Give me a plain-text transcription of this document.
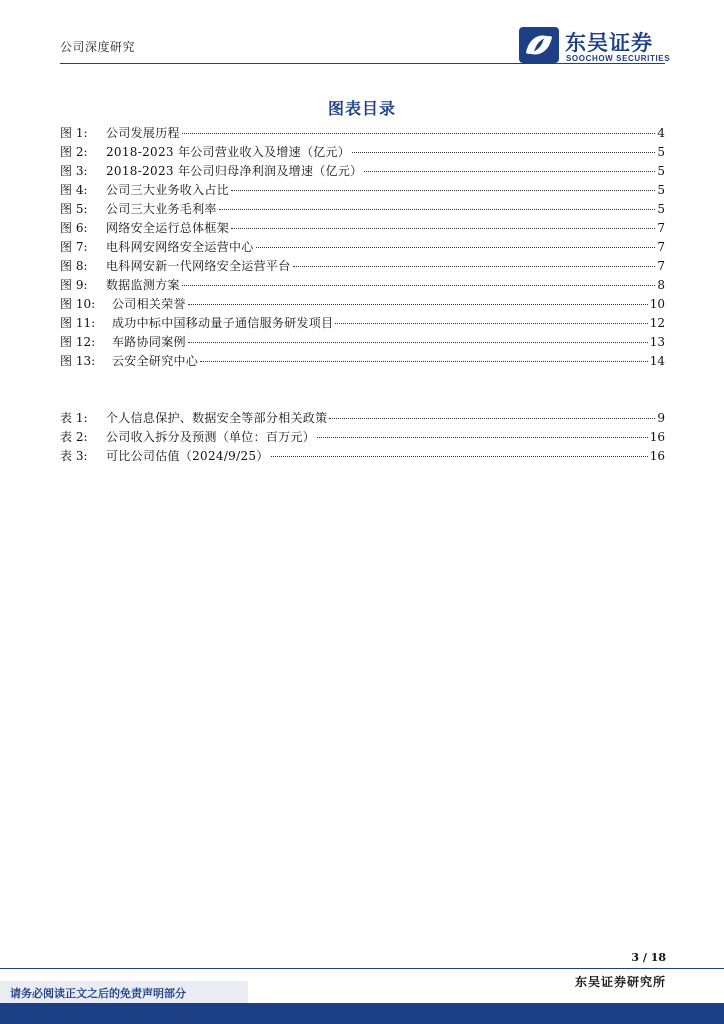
公司深度研究	东吴证券
SOOCHOW SECURITIES
图表目录
图 1:	公司发展历程	4
图 2:	2018-2023 年公司营业收入及增速（亿元）	5
图 3:	2018-2023 年公司归母净利润及增速（亿元）	5
图 4:	公司三大业务收入占比	5
图 5:	公司三大业务毛利率	5
图 6:	网络安全运行总体框架	7
图 7:	电科网安网络安全运营中心	7
图 8:	电科网安新一代网络安全运营平台	7
图 9:	数据监测方案	8
图 10:	公司相关荣誉	10
图 11:	成功中标中国移动量子通信服务研发项目	12
图 12:	车路协同案例	13
图 13:	云安全研究中心	14
表 1:	个人信息保护、数据安全等部分相关政策	9
表 2:	公司收入拆分及预测（单位：百万元）	16
表 3:	可比公司估值（2024/9/25）	16
3 / 18
请务必阅读正文之后的免责声明部分
东吴证券研究所
